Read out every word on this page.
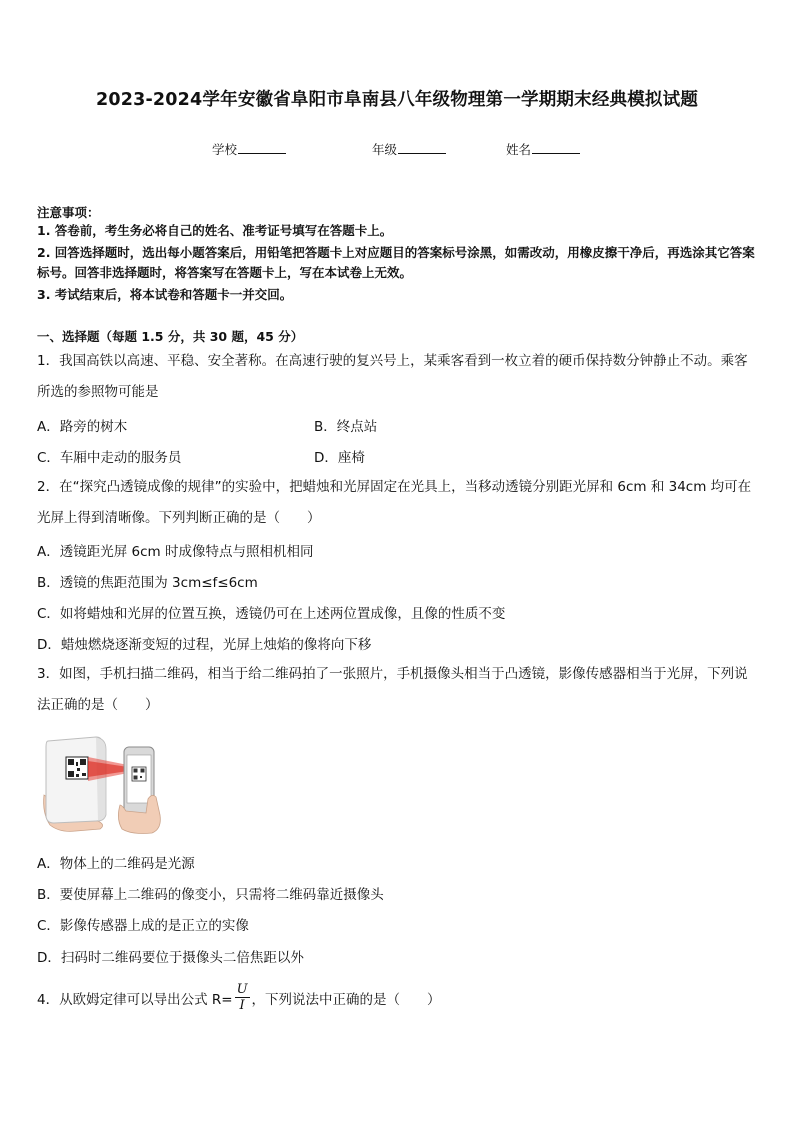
2023-2024学年安徽省阜阳市阜南县八年级物理第一学期期末经典模拟试题
学校	年级	姓名
注意事项：
1. 答卷前，考生务必将自己的姓名、准考证号填写在答题卡上。
2. 回答选择题时，选出每小题答案后，用铅笔把答题卡上对应题目的答案标号涂黑，如需改动，用橡皮擦干净后，再选涂其它答案标号。回答非选择题时，将答案写在答题卡上，写在本试卷上无效。
3. 考试结束后，将本试卷和答题卡一并交回。
一、选择题（每题 1.5 分，共 30 题，45 分）
1．我国高铁以高速、平稳、安全著称。在高速行驶的复兴号上，某乘客看到一枚立着的硬币保持数分钟静止不动。乘客所选的参照物可能是
A．路旁的树木	B．终点站
C．车厢中走动的服务员	D．座椅
2．在“探究凸透镜成像的规律”的实验中，把蜡烛和光屏固定在光具上，当移动透镜分别距光屏和 6cm 和 34cm 均可在光屏上得到清晰像。下列判断正确的是（　　）
A．透镜距光屏 6cm 时成像特点与照相机相同
B．透镜的焦距范围为 3cm≤f≤6cm
C．如将蜡烛和光屏的位置互换，透镜仍可在上述两位置成像，且像的性质不变
D．蜡烛燃烧逐渐变短的过程，光屏上烛焰的像将向下移
3．如图，手机扫描二维码，相当于给二维码拍了一张照片，手机摄像头相当于凸透镜，影像传感器相当于光屏，下列说法正确的是（　　）
A．物体上的二维码是光源
B．要使屏幕上二维码的像变小，只需将二维码靠近摄像头
C．影像传感器上成的是正立的实像
D．扫码时二维码要位于摄像头二倍焦距以外
4．从欧姆定律可以导出公式 $R= \frac{U}{I}$ ，下列说法中正确的是（　　）
